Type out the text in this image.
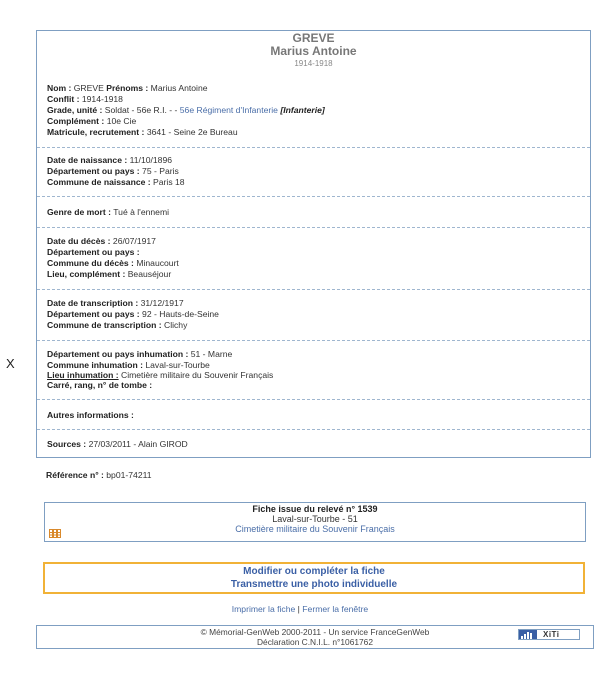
X
GREVE
Marius Antoine
1914-1918
Nom : GREVE Prénoms : Marius Antoine
Conflit : 1914-1918
Grade, unité : Soldat - 56e R.I. - - 56e Régiment d'Infanterie [Infanterie]
Complément : 10e Cie
Matricule, recrutement : 3641 - Seine 2e Bureau
Date de naissance : 11/10/1896
Département ou pays : 75 - Paris
Commune de naissance : Paris 18
Genre de mort : Tué à l'ennemi
Date du décès : 26/07/1917
Département ou pays :
Commune du décès : Minaucourt
Lieu, complément : Beauséjour
Date de transcription : 31/12/1917
Département ou pays : 92 - Hauts-de-Seine
Commune de transcription : Clichy
Département ou pays inhumation : 51 - Marne
Commune inhumation : Laval-sur-Tourbe
Lieu inhumation : Cimetière militaire du Souvenir Français
Carré, rang, n° de tombe :
Autres informations :
Sources : 27/03/2011 - Alain GIROD
Référence n° : bp01-74211
Fiche issue du relevé n° 1539
Laval-sur-Tourbe - 51
Cimetière militaire du Souvenir Français
Modifier ou compléter la fiche
Transmettre une photo individuelle
Imprimer la fiche | Fermer la fenêtre
© Mémorial-GenWeb 2000-2011 - Un service FranceGenWeb
Déclaration C.N.I.L. n°1061762
XiTi
